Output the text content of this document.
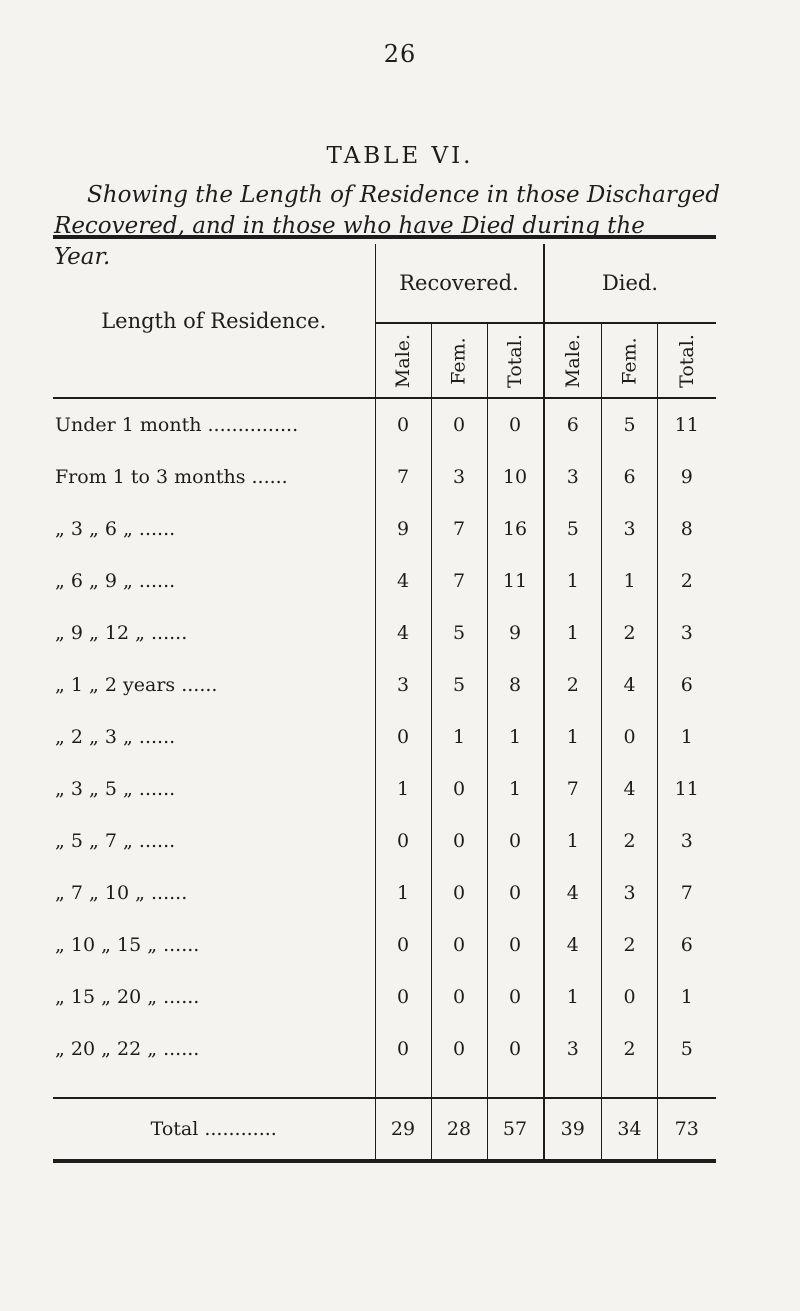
26
TABLE VI.
Showing the Length of Residence in those Discharged
Recovered, and in those who have Died during the
Year.

Length of Residence.	Recovered.			Died.		
	Male.	Fem.	Total.	Male.	Fem.	Total.
Under 1 month ...............	0	0	0	6	5	11
From 1 to 3 months ......	7	3	10	3	6	9
„ 3 „ 6 „ ......	9	7	16	5	3	8
„ 6 „ 9 „ ......	4	7	11	1	1	2
„ 9 „ 12 „ ......	4	5	9	1	2	3
„ 1 „ 2 years ......	3	5	8	2	4	6
„ 2 „ 3 „ ......	0	1	1	1	0	1
„ 3 „ 5 „ ......	1	0	1	7	4	11
„ 5 „ 7 „ ......	0	0	0	1	2	3
„ 7 „ 10 „ ......	1	0	0	4	3	7
„ 10 „ 15 „ ......	0	0	0	4	2	6
„ 15 „ 20 „ ......	0	0	0	1	0	1
„ 20 „ 22 „ ......	0	0	0	3	2	5

Total ............	29	28	57	39	34	73
